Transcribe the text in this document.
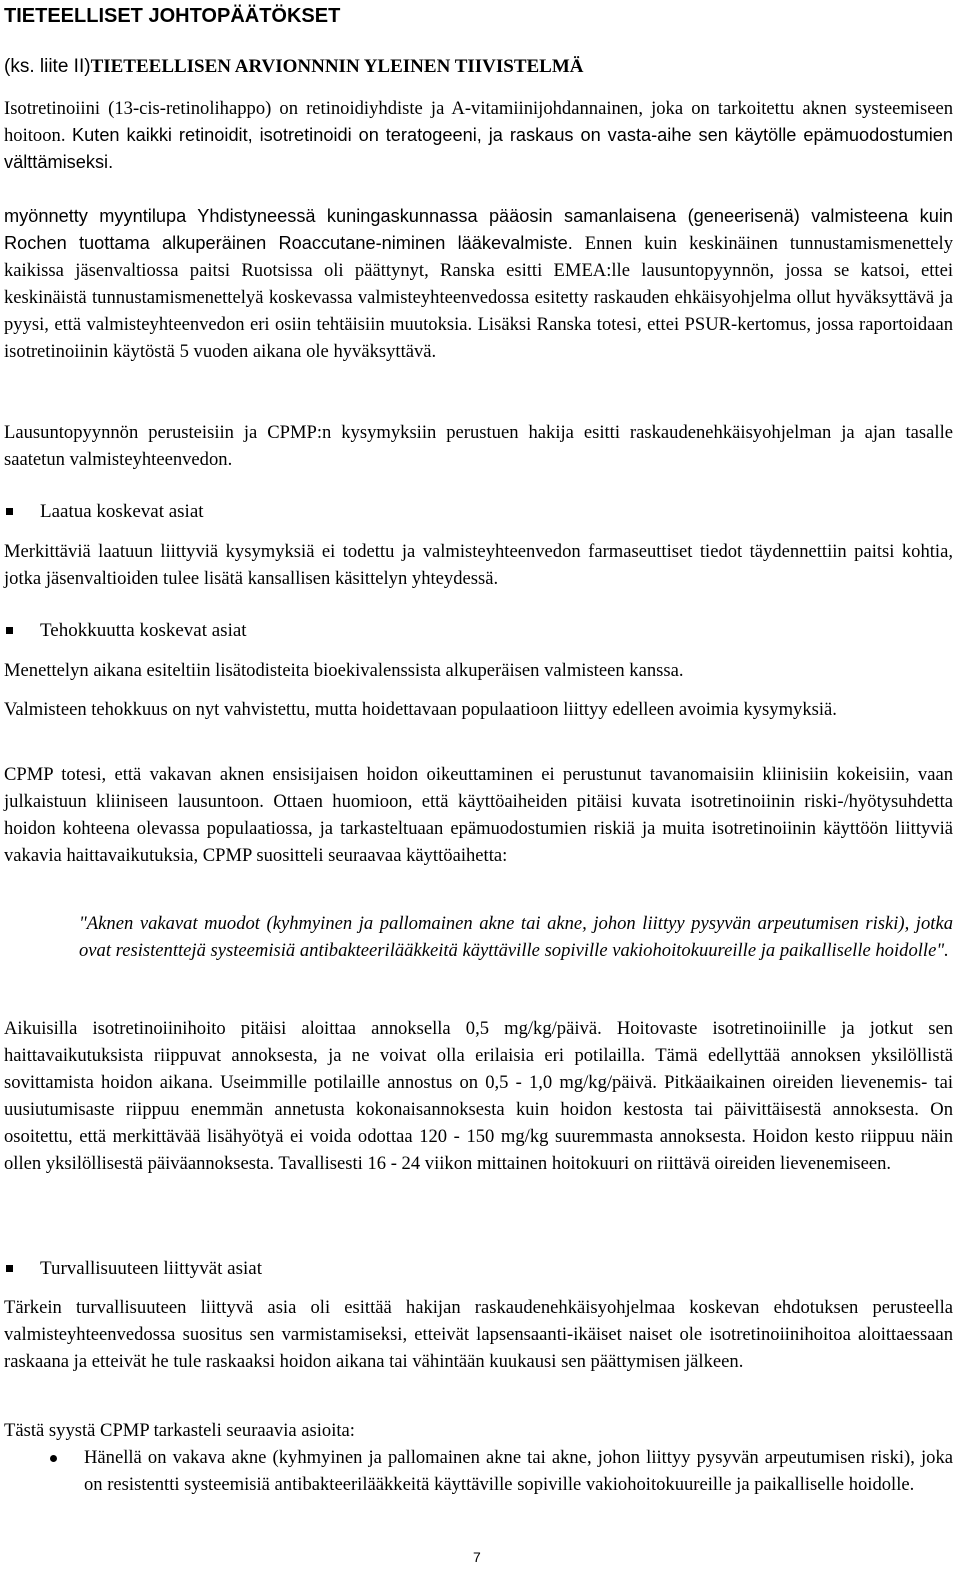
TIETEELLISET JOHTOPÄÄTÖKSET
(ks. liite II)TIETEELLISEN ARVIONNNIN YLEINEN TIIVISTELMÄ

Isotretinoiini (13-cis-retinolihappo) on retinoidiyhdiste ja A-vitamiinijohdannainen, joka on tarkoitettu aknen systeemiseen hoitoon. Kuten kaikki retinoidit, isotretinoidi on teratogeeni, ja raskaus on vasta-aihe sen käytölle epämuodostumien välttämiseksi.

myönnetty myyntilupa Yhdistyneessä kuningaskunnassa pääosin samanlaisena (geneerisenä) valmisteena kuin Rochen tuottama alkuperäinen Roaccutane-niminen lääkevalmiste. Ennen kuin keskinäinen tunnustamismenettely kaikissa jäsenvaltiossa paitsi Ruotsissa oli päättynyt, Ranska esitti EMEA:lle lausuntopyynnön, jossa se katsoi, ettei keskinäistä tunnustamismenettelyä koskevassa valmisteyhteenvedossa esitetty raskauden ehkäisyohjelma ollut hyväksyttävä ja pyysi, että valmisteyhteenvedon eri osiin tehtäisiin muutoksia. Lisäksi Ranska totesi, ettei PSUR-kertomus, jossa raportoidaan isotretinoiinin käytöstä 5 vuoden aikana ole hyväksyttävä.

Lausuntopyynnön perusteisiin ja CPMP:n kysymyksiin perustuen hakija esitti raskaudenehkäisyohjelman ja ajan tasalle saatetun valmisteyhteenvedon.

Laatua koskevat asiat

Merkittäviä laatuun liittyviä kysymyksiä ei todettu ja valmisteyhteenvedon farmaseuttiset tiedot täydennettiin paitsi kohtia, jotka jäsenvaltioiden tulee lisätä kansallisen käsittelyn yhteydessä.

Tehokkuutta koskevat asiat

Menettelyn aikana esiteltiin lisätodisteita bioekivalenssista alkuperäisen valmisteen kanssa.

Valmisteen tehokkuus on nyt vahvistettu, mutta hoidettavaan populaatioon liittyy edelleen avoimia kysymyksiä.

CPMP totesi, että vakavan aknen ensisijaisen hoidon oikeuttaminen ei perustunut tavanomaisiin kliinisiin kokeisiin, vaan julkaistuun kliiniseen lausuntoon. Ottaen huomioon, että käyttöaiheiden pitäisi kuvata isotretinoiinin riski-/hyötysuhdetta hoidon kohteena olevassa populaatiossa, ja tarkasteltuaan epämuodostumien riskiä ja muita isotretinoiinin käyttöön liittyviä vakavia haittavaikutuksia, CPMP suositteli seuraavaa käyttöaihetta:

"Aknen vakavat muodot (kyhmyinen ja pallomainen akne tai akne, johon liittyy pysyvän arpeutumisen riski), jotka ovat resistenttejä systeemisiä antibakteerilääkkeitä käyttäville sopiville vakiohoitokuureille ja paikalliselle hoidolle".

Aikuisilla isotretinoiinihoito pitäisi aloittaa annoksella 0,5 mg/kg/päivä. Hoitovaste isotretinoiinille ja jotkut sen haittavaikutuksista riippuvat annoksesta, ja ne voivat olla erilaisia eri potilailla. Tämä edellyttää annoksen yksilöllistä sovittamista hoidon aikana. Useimmille potilaille annostus on 0,5 - 1,0 mg/kg/päivä. Pitkäaikainen oireiden lievenemis- tai uusiutumisaste riippuu enemmän annetusta kokonaisannoksesta kuin hoidon kestosta tai päivittäisestä annoksesta. On osoitettu, että merkittävää lisähyötyä ei voida odottaa 120 - 150 mg/kg suuremmasta annoksesta. Hoidon kesto riippuu näin ollen yksilöllisestä päiväannoksesta. Tavallisesti 16 - 24 viikon mittainen hoitokuuri on riittävä oireiden lievenemiseen.

Turvallisuuteen liittyvät asiat

Tärkein turvallisuuteen liittyvä asia oli esittää hakijan raskaudenehkäisyohjelmaa koskevan ehdotuksen perusteella valmisteyhteenvedossa suositus sen varmistamiseksi, etteivät lapsensaanti-ikäiset naiset ole isotretinoiinihoitoa aloittaessaan raskaana ja etteivät he tule raskaaksi hoidon aikana tai vähintään kuukausi sen päättymisen jälkeen.

Tästä syystä CPMP tarkasteli seuraavia asioita:

Hänellä on vakava akne (kyhmyinen ja pallomainen akne tai akne, johon liittyy pysyvän arpeutumisen riski), joka on resistentti systeemisiä antibakteerilääkkeitä käyttäville sopiville vakiohoitokuureille ja paikalliselle hoidolle.
7
